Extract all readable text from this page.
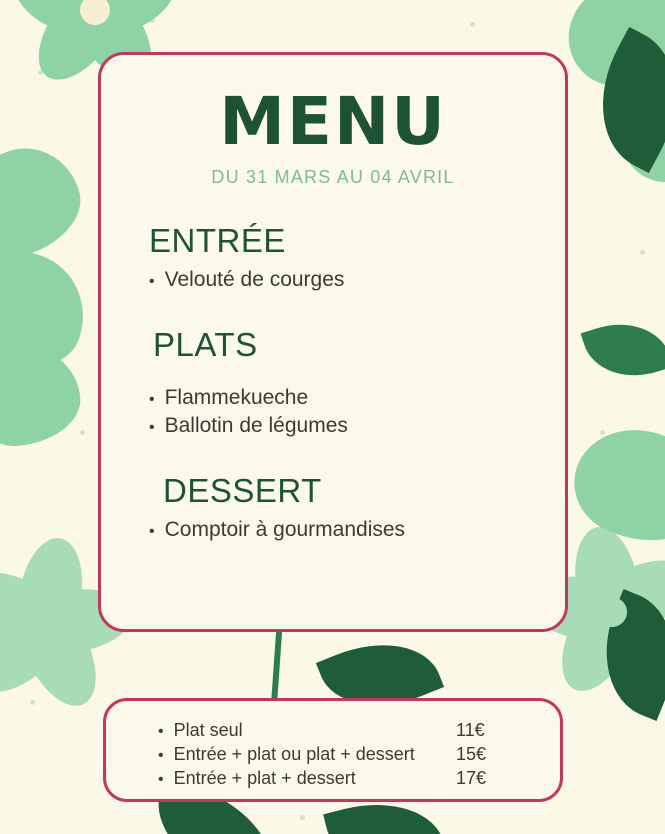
MENU
DU 31 MARS AU 04 AVRIL
ENTRÉE
• Velouté de courges
PLATS
• Flammekueche
• Ballotin de légumes
DESSERT
• Comptoir à gourmandises
• Plat seul	11€
• Entrée + plat ou plat + dessert	15€
• Entrée + plat + dessert	17€
